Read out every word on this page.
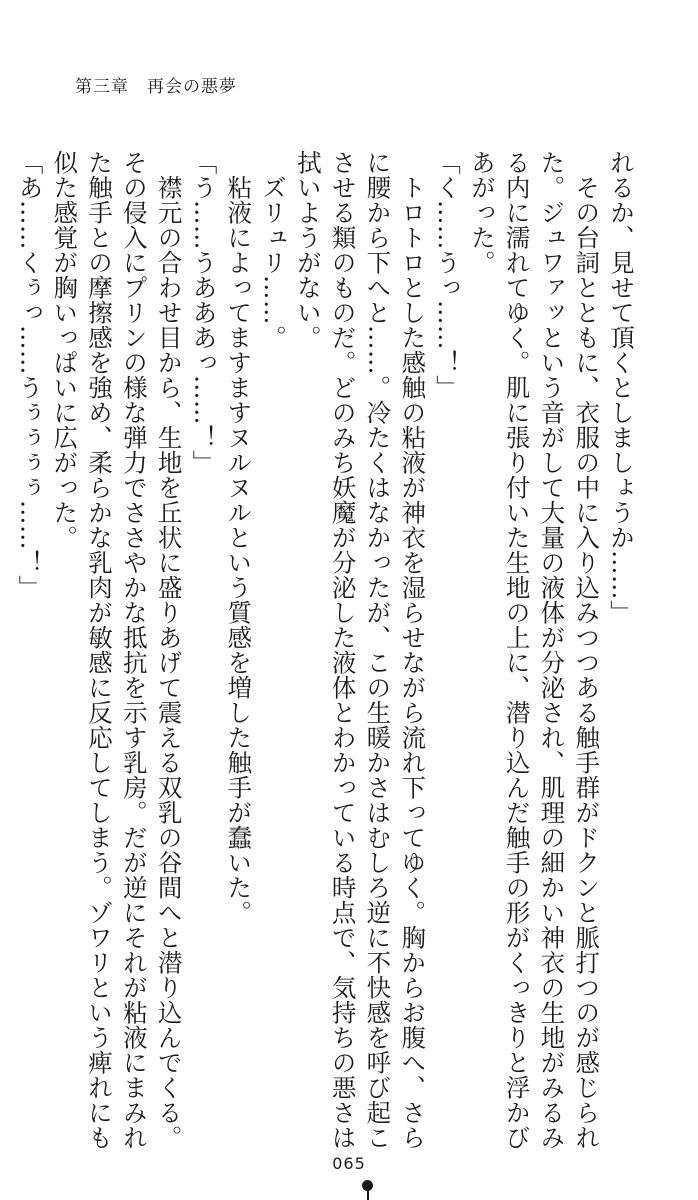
第三章　 再会の悪夢
れるか、見せて頂くとしましょうか……」
　その台詞とともに、衣服の中に入り込みつつある触手群がドクンと脈打つのが感じられ
た。ジュワァッという音がして大量の液体が分泌され、肌理の細かい神衣の生地がみるみ
る内に濡れてゆく。肌に張り付いた生地の上に、潜り込んだ触手の形がくっきりと浮かび
あがった。
「く……うっ……！」
　トロトロとした感触の粘液が神衣を湿らせながら流れ下ってゆく。胸からお腹へ、さら
に腰から下へと……。冷たくはなかったが、この生暖かさはむしろ逆に不快感を呼び起こ
させる類のものだ。どのみち妖魔が分泌した液体とわかっている時点で、気持ちの悪さは
拭いようがない。
　ズリュリ……。
　粘液によってますますヌルヌルという質感を増した触手が蠢いた。
「う……うあああっ……！」
　襟元の合わせ目から、生地を丘状に盛りあげて震える双乳の谷間へと潜り込んでくる。
その侵入にプリンの様な弾力でささやかな抵抗を示す乳房。だが逆にそれが粘液にまみれ
た触手との摩擦感を強め、柔らかな乳肉が敏感に反応してしまう。ゾワリという痺れにも
似た感覚が胸いっぱいに広がった。
「あ……くぅっ……うぅぅぅぅ……！」
065
